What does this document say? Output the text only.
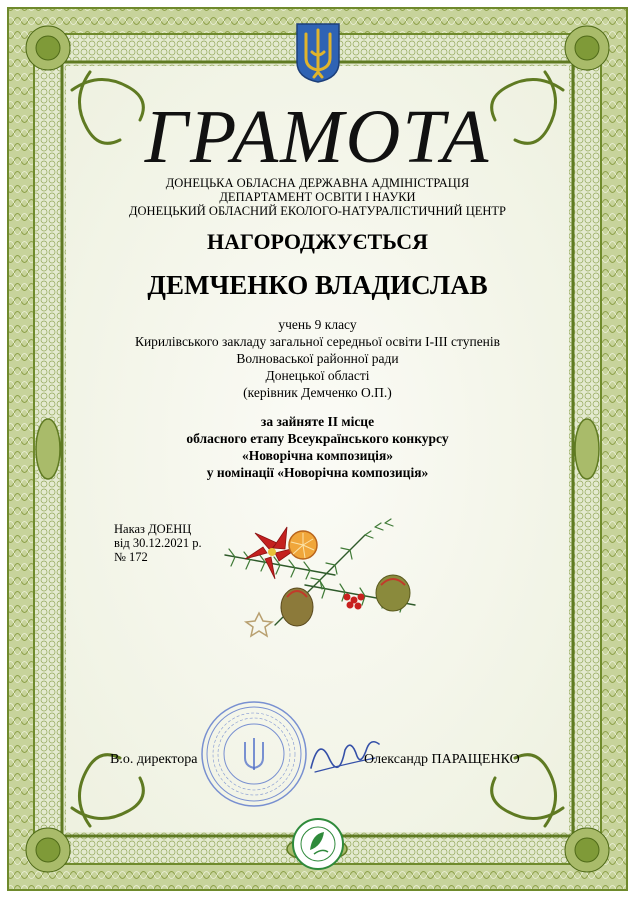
ГРАМОТА
ДОНЕЦЬКА ОБЛАСНА ДЕРЖАВНА АДМІНІСТРАЦІЯ
ДЕПАРТАМЕНТ ОСВІТИ І НАУКИ
ДОНЕЦЬКИЙ ОБЛАСНИЙ ЕКОЛОГО-НАТУРАЛІСТИЧНИЙ ЦЕНТР
НАГОРОДЖУЄТЬСЯ
ДЕМЧЕНКО ВЛАДИСЛАВ
учень 9 класу
Кирилівського закладу загальної середньої освіти І-ІІІ ступенів
Волноваської районної ради
Донецької області
(керівник Демченко О.П.)
за зайняте ІІ місце
обласного етапу Всеукраїнського конкурсу
«Новорічна композиція»
у номінації «Новорічна композиція»
Наказ ДОЕНЦ
від 30.12.2021 р.
№ 172
В.о. директора	Олександр ПАРАЩЕНКО
